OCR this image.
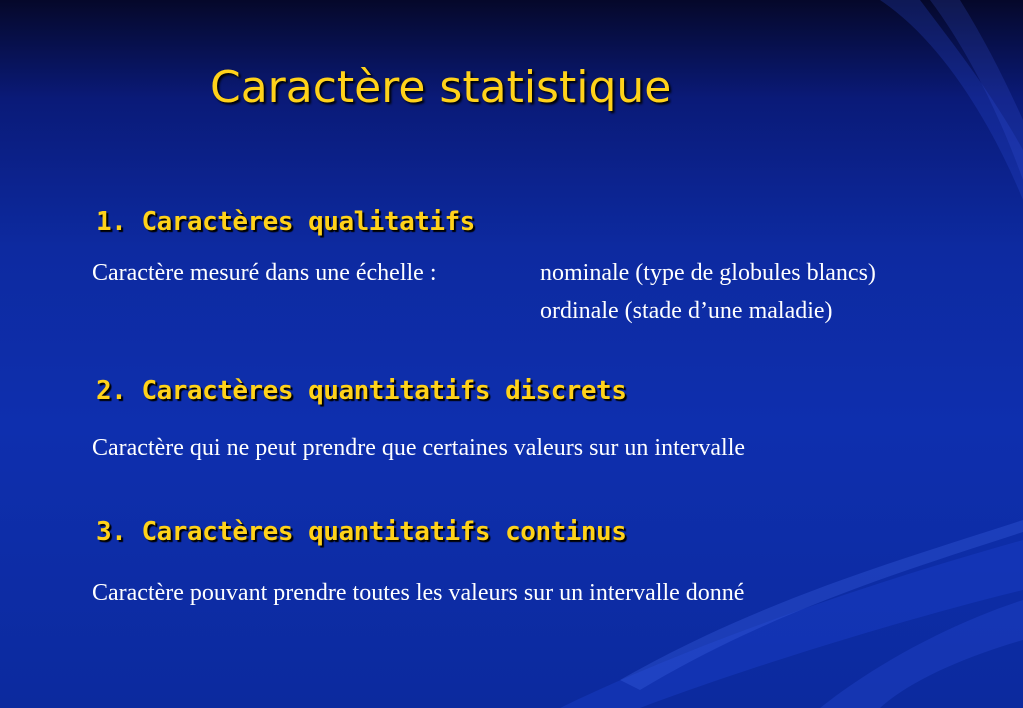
Caractère statistique
1. Caractères qualitatifs
Caractère mesuré dans une échelle :	nominale (type de globules blancs)
ordinale (stade d’une maladie)
2. Caractères quantitatifs discrets
Caractère qui ne peut prendre que certaines valeurs sur un intervalle
3. Caractères quantitatifs continus
Caractère pouvant prendre toutes les valeurs sur un intervalle donné
